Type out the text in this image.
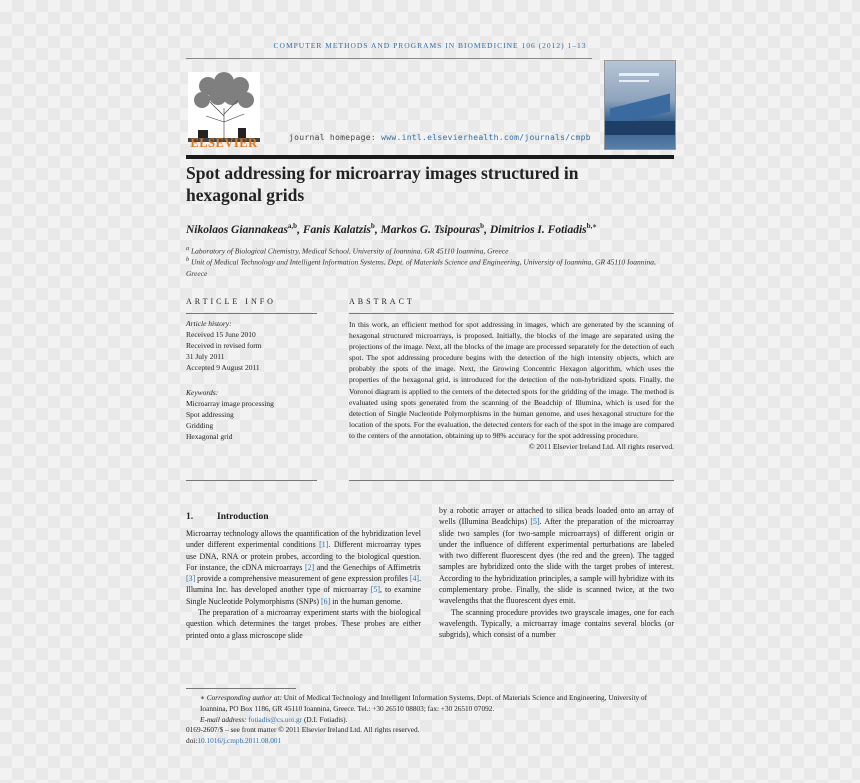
COMPUTER METHODS AND PROGRAMS IN BIOMEDICINE 106 (2012) 1–13
ELSEVIER	journal homepage: www.intl.elsevierhealth.com/journals/cmpb
Spot addressing for microarray images structured in hexagonal grids
Nikolaos Giannakeas$^{a,b}$, Fanis Kalatzis$^b$, Markos G. Tsipouras$^b$, Dimitrios I. Fotiadis$^{b,∗}$
$^a$ Laboratory of Biological Chemistry, Medical School, University of Ioannina, GR 45110 Ioannina, Greece
$^b$ Unit of Medical Technology and Intelligent Information Systems, Dept. of Materials Science and Engineering, University of Ioannina, GR 45110 Ioannina, Greece
ARTICLE INFO
Article history:
Received 15 June 2010
Received in revised form
31 July 2011
Accepted 9 August 2011
Keywords:
Microarray image processing
Spot addressing
Gridding
Hexagonal grid
ABSTRACT
In this work, an efficient method for spot addressing in images, which are generated by the scanning of hexagonal structured microarrays, is proposed. Initially, the blocks of the image are separated using the projections of the image. Next, all the blocks of the image are processed separately for the detection of each spot. The spot addressing procedure begins with the detection of the high intensity objects, which are probably the spots of the image. Next, the Growing Concentric Hexagon algorithm, which uses the properties of the hexagonal grid, is introduced for the detection of the non-hybridized spots. Finally, the Voronoi diagram is applied to the centers of the detected spots for the gridding of the image. The method is evaluated using spots generated from the scanning of the Beadchip of Illumina, which is used for the detection of Single Nucleotide Polymorphisms in the human genome, and uses hexagonal structure for the location of the spots. For the evaluation, the detected centers for each of the spot in the image are compared to the centers of the annotation, obtaining up to 98% accuracy for the spot addressing procedure.
© 2011 Elsevier Ireland Ltd. All rights reserved.
1.	Introduction

Microarray technology allows the quantification of the hybridization level under different experimental conditions [1]. Different microarray types use DNA, RNA or protein probes, according to the biological question. For instance, the cDNA microarrays [2] and the Genechips of Affimetrix [3] provide a comprehensive measurement of gene expression profiles [4]. Illumina Inc. has developed another type of microarray [5], to examine Single Nucleotide Polymorphisms (SNPs) [6] in the human genome.

The preparation of a microarray experiment starts with the biological question which determines the target probes. These probes are either printed onto a glass microscope slide

by a robotic arrayer or attached to silica beads loaded onto an array of wells (Illumina Beadchips) [5]. After the preparation of the microarray slide two samples (for two-sample microarrays) of different origin or under the influence of different experimental perturbations are labeled with two different fluorescent dyes (the red and the green). The tagged samples are hybridized onto the slide with the target probes of interest. According to the hybridization principles, a sample will hybridize with its complementary probe. Finally, the slide is scanned twice, at the two wavelengths that the fluorescent dyes emit.

The scanning procedure provides two grayscale images, one for each wavelength. Typically, a microarray image contains several blocks (or subgrids), which consist of a number

∗ Corresponding author at: Unit of Medical Technology and Intelligent Information Systems, Dept. of Materials Science and Engineering, University of Ioannina, PO Box 1186, GR 45110 Ioannina, Greece. Tel.: +30 26510 08803; fax: +30 26510 07092.
E-mail address: fotiadis@cs.uoi.gr (D.I. Fotiadis).
0169-2607/$ – see front matter © 2011 Elsevier Ireland Ltd. All rights reserved.
doi:10.1016/j.cmpb.2011.08.001
